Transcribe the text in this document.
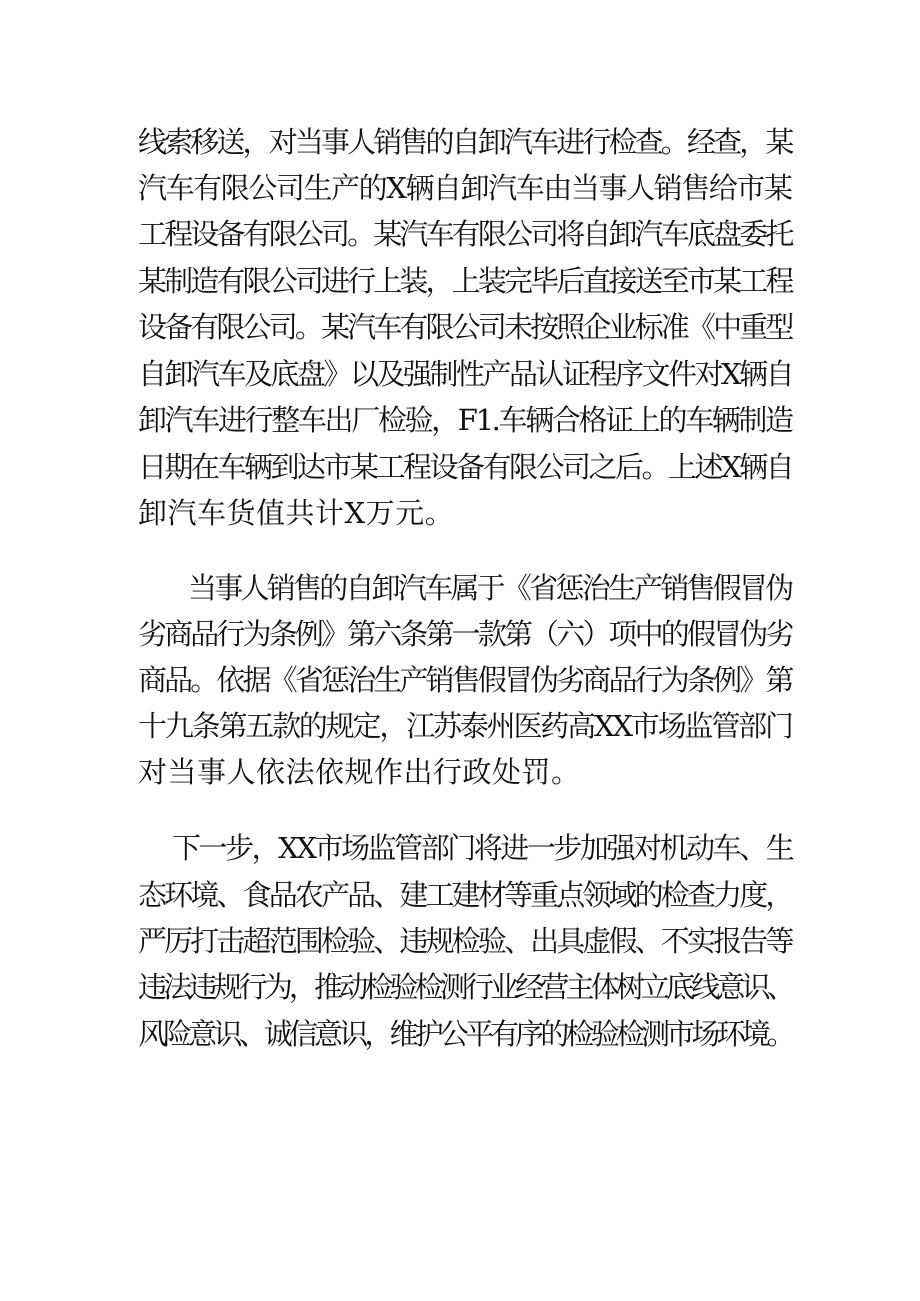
线索移送，对当事人销售的自卸汽车进行检查。经查，某
汽车有限公司生产的X辆自卸汽车由当事人销售给市某
工程设备有限公司。某汽车有限公司将自卸汽车底盘委托
某制造有限公司进行上装，上装完毕后直接送至市某工程
设备有限公司。某汽车有限公司未按照企业标准《中重型
自卸汽车及底盘》以及强制性产品认证程序文件对X辆自
卸汽车进行整车出厂检验，F1.车辆合格证上的车辆制造
日期在车辆到达市某工程设备有限公司之后。上述X辆自
卸汽车货值共计X万元。
当事人销售的自卸汽车属于《省惩治生产销售假冒伪
劣商品行为条例》第六条第一款第（六）项中的假冒伪劣
商品。依据《省惩治生产销售假冒伪劣商品行为条例》第
十九条第五款的规定，江苏泰州医药高XX市场监管部门
对当事人依法依规作出行政处罚。
下一步，XX市场监管部门将进一步加强对机动车、生
态环境、食品农产品、建工建材等重点领域的检查力度，
严厉打击超范围检验、违规检验、出具虚假、不实报告等
违法违规行为，推动检验检测行业经营主体树立底线意识、
风险意识、诚信意识，维护公平有序的检验检测市场环境。
